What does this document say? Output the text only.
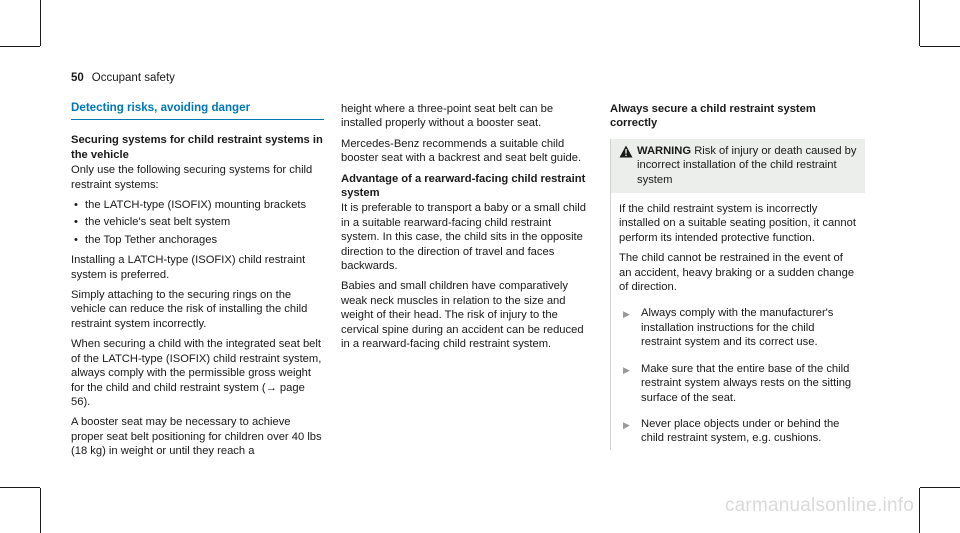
50 Occupant safety
Detecting risks, avoiding danger
Securing systems for child restraint systems in the vehicle

Only use the following securing systems for child restraint systems:

• the LATCH-type (ISOFIX) mounting brackets
• the vehicle's seat belt system
• the Top Tether anchorages

Installing a LATCH-type (ISOFIX) child restraint system is preferred.

Simply attaching to the securing rings on the vehicle can reduce the risk of installing the child restraint system incorrectly.

When securing a child with the integrated seat belt of the LATCH-type (ISOFIX) child restraint system, always comply with the permissible gross weight for the child and child restraint system (→ page 56).

A booster seat may be necessary to achieve proper seat belt positioning for children over 40 lbs (18 kg) in weight or until they reach a

height where a three-point seat belt can be installed properly without a booster seat.

Mercedes-Benz recommends a suitable child booster seat with a backrest and seat belt guide.

Advantage of a rearward-facing child restraint system

It is preferable to transport a baby or a small child in a suitable rearward-facing child restraint system. In this case, the child sits in the opposite direction to the direction of travel and faces backwards.

Babies and small children have comparatively weak neck muscles in relation to the size and weight of their head. The risk of injury to the cervical spine during an accident can be reduced in a rearward-facing child restraint system.

Always secure a child restraint system correctly
WARNING Risk of injury or death caused by incorrect installation of the child restraint system

If the child restraint system is incorrectly installed on a suitable seating position, it cannot perform its intended protective function.

The child cannot be restrained in the event of an accident, heavy braking or a sudden change of direction.

▶ Always comply with the manufacturer's installation instructions for the child restraint system and its correct use.
▶ Make sure that the entire base of the child restraint system always rests on the sitting surface of the seat.
▶ Never place objects under or behind the child restraint system, e.g. cushions.
carmanualsonline.info
